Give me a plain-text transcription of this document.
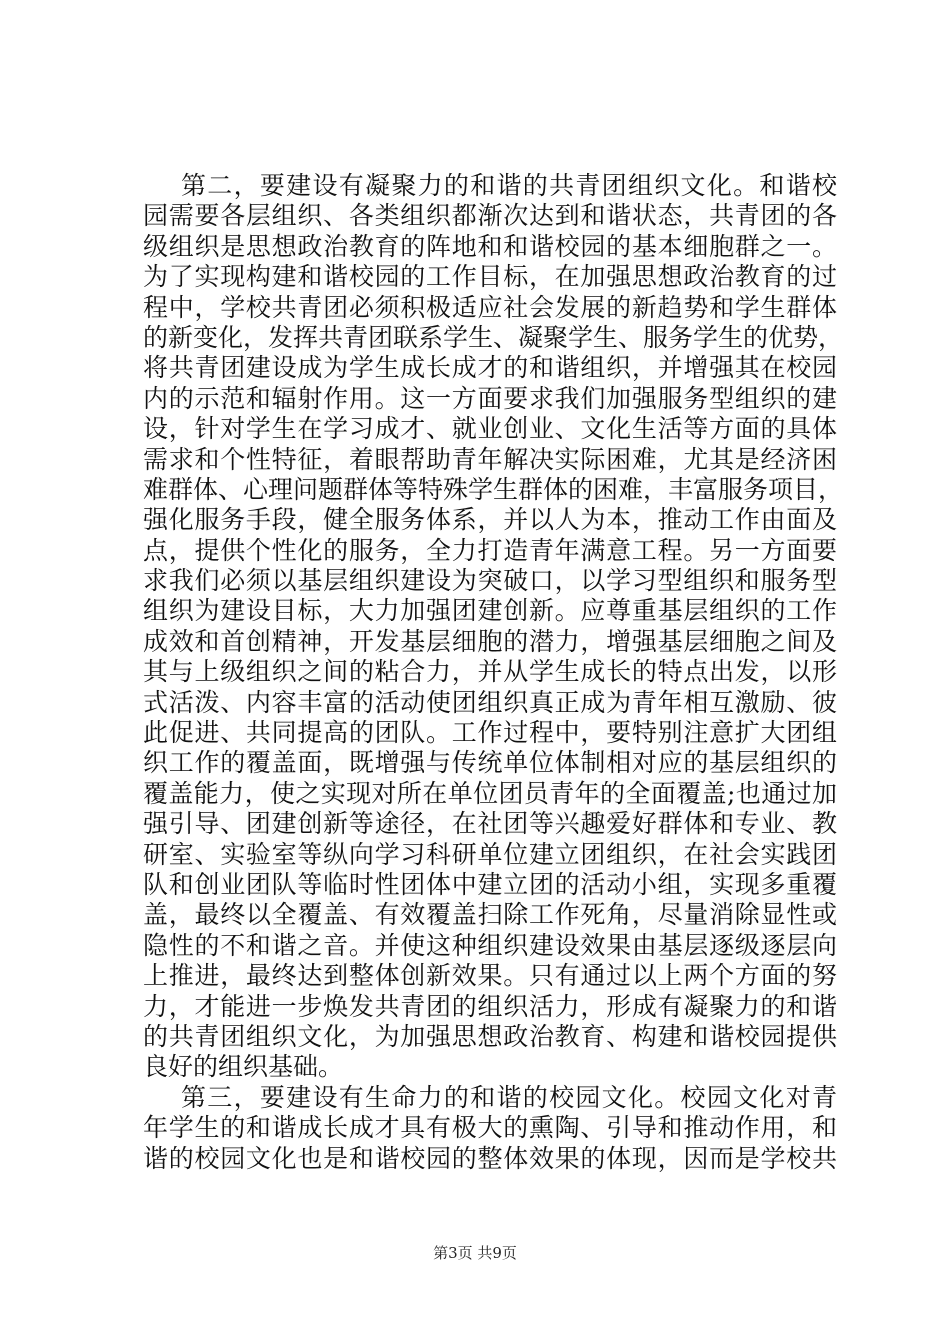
第二，要建设有凝聚力的和谐的共青团组织文化。和谐校
园需要各层组织、各类组织都渐次达到和谐状态，共青团的各
级组织是思想政治教育的阵地和和谐校园的基本细胞群之一。
为了实现构建和谐校园的工作目标，在加强思想政治教育的过
程中，学校共青团必须积极适应社会发展的新趋势和学生群体
的新变化，发挥共青团联系学生、凝聚学生、服务学生的优势，
将共青团建设成为学生成长成才的和谐组织，并增强其在校园
内的示范和辐射作用。这一方面要求我们加强服务型组织的建
设，针对学生在学习成才、就业创业、文化生活等方面的具体
需求和个性特征，着眼帮助青年解决实际困难，尤其是经济困
难群体、心理问题群体等特殊学生群体的困难，丰富服务项目，
强化服务手段，健全服务体系，并以人为本，推动工作由面及
点，提供个性化的服务，全力打造青年满意工程。另一方面要
求我们必须以基层组织建设为突破口，以学习型组织和服务型
组织为建设目标，大力加强团建创新。应尊重基层组织的工作
成效和首创精神，开发基层细胞的潜力，增强基层细胞之间及
其与上级组织之间的粘合力，并从学生成长的特点出发，以形
式活泼、内容丰富的活动使团组织真正成为青年相互激励、彼
此促进、共同提高的团队。工作过程中，要特别注意扩大团组
织工作的覆盖面，既增强与传统单位体制相对应的基层组织的
覆盖能力，使之实现对所在单位团员青年的全面覆盖;也通过加
强引导、团建创新等途径，在社团等兴趣爱好群体和专业、教
研室、实验室等纵向学习科研单位建立团组织，在社会实践团
队和创业团队等临时性团体中建立团的活动小组，实现多重覆
盖，最终以全覆盖、有效覆盖扫除工作死角，尽量消除显性或
隐性的不和谐之音。并使这种组织建设效果由基层逐级逐层向
上推进，最终达到整体创新效果。只有通过以上两个方面的努
力，才能进一步焕发共青团的组织活力，形成有凝聚力的和谐
的共青团组织文化，为加强思想政治教育、构建和谐校园提供
良好的组织基础。
第三，要建设有生命力的和谐的校园文化。校园文化对青
年学生的和谐成长成才具有极大的熏陶、引导和推动作用，和
谐的校园文化也是和谐校园的整体效果的体现，因而是学校共
第3页 共9页
